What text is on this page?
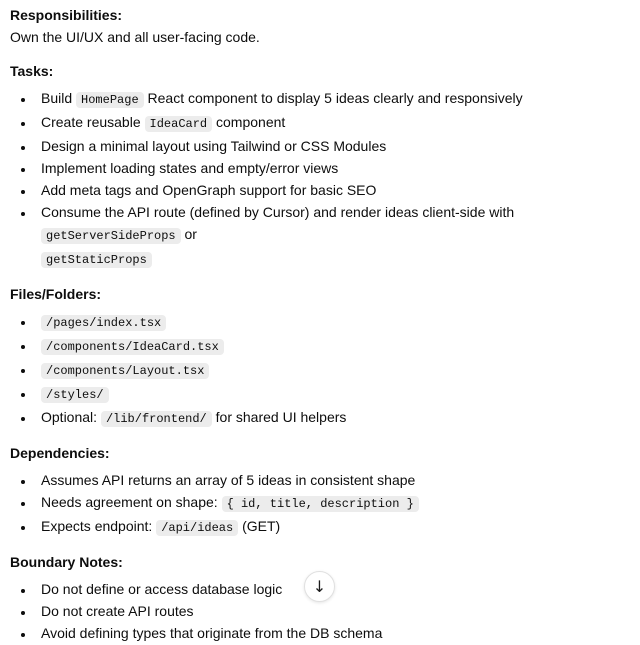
Responsibilities:

Own the UI/UX and all user-facing code.

Tasks:

• Build HomePage React component to display 5 ideas clearly and responsively
• Create reusable IdeaCard component
• Design a minimal layout using Tailwind or CSS Modules
• Implement loading states and empty/error views
• Add meta tags and OpenGraph support for basic SEO
• Consume the API route (defined by Cursor) and render ideas client-side with getServerSideProps or
getStaticProps

Files/Folders:

• /pages/index.tsx
• /components/IdeaCard.tsx
• /components/Layout.tsx
• /styles/
• Optional: /lib/frontend/ for shared UI helpers

Dependencies:

• Assumes API returns an array of 5 ideas in consistent shape
• Needs agreement on shape: { id, title, description }
• Expects endpoint: /api/ideas (GET)

Boundary Notes:

• Do not define or access database logic
• Do not create API routes
• Avoid defining types that originate from the DB schema
↓
